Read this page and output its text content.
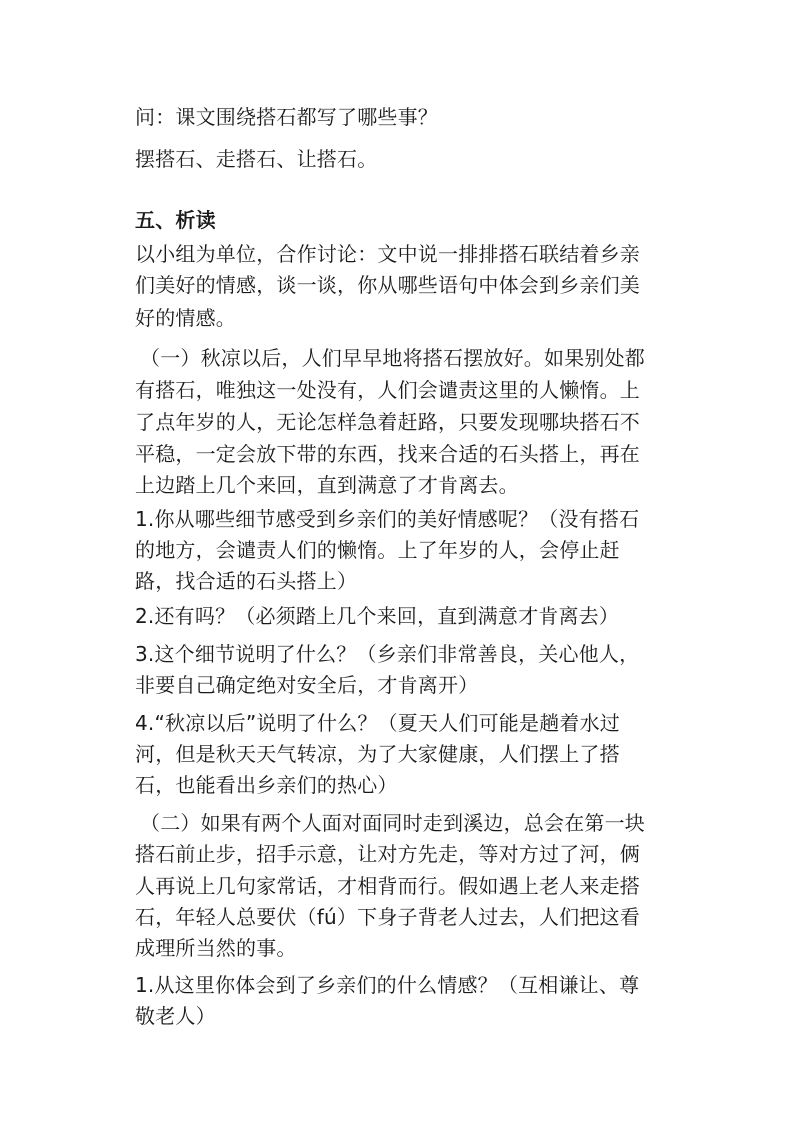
问：课文围绕搭石都写了哪些事？
摆搭石、走搭石、让搭石。
五、析读
以小组为单位，合作讨论：文中说一排排搭石联结着乡亲
们美好的情感，谈一谈，你从哪些语句中体会到乡亲们美
好的情感。
（一）秋凉以后，人们早早地将搭石摆放好。如果别处都
有搭石，唯独这一处没有，人们会谴责这里的人懒惰。上
了点年岁的人，无论怎样急着赶路，只要发现哪块搭石不
平稳，一定会放下带的东西，找来合适的石头搭上，再在
上边踏上几个来回，直到满意了才肯离去。
1.你从哪些细节感受到乡亲们的美好情感呢？（没有搭石
的地方，会谴责人们的懒惰。上了年岁的人，会停止赶
路，找合适的石头搭上）
2.还有吗？（必须踏上几个来回，直到满意才肯离去）
3.这个细节说明了什么？（乡亲们非常善良，关心他人，
非要自己确定绝对安全后，才肯离开）
4.“秋凉以后”说明了什么？（夏天人们可能是趟着水过
河，但是秋天天气转凉，为了大家健康，人们摆上了搭
石，也能看出乡亲们的热心）
（二）如果有两个人面对面同时走到溪边，总会在第一块
搭石前止步，招手示意，让对方先走，等对方过了河，俩
人再说上几句家常话，才相背而行。假如遇上老人来走搭
石，年轻人总要伏（fú）下身子背老人过去，人们把这看
成理所当然的事。
1.从这里你体会到了乡亲们的什么情感？（互相谦让、尊
敬老人）
